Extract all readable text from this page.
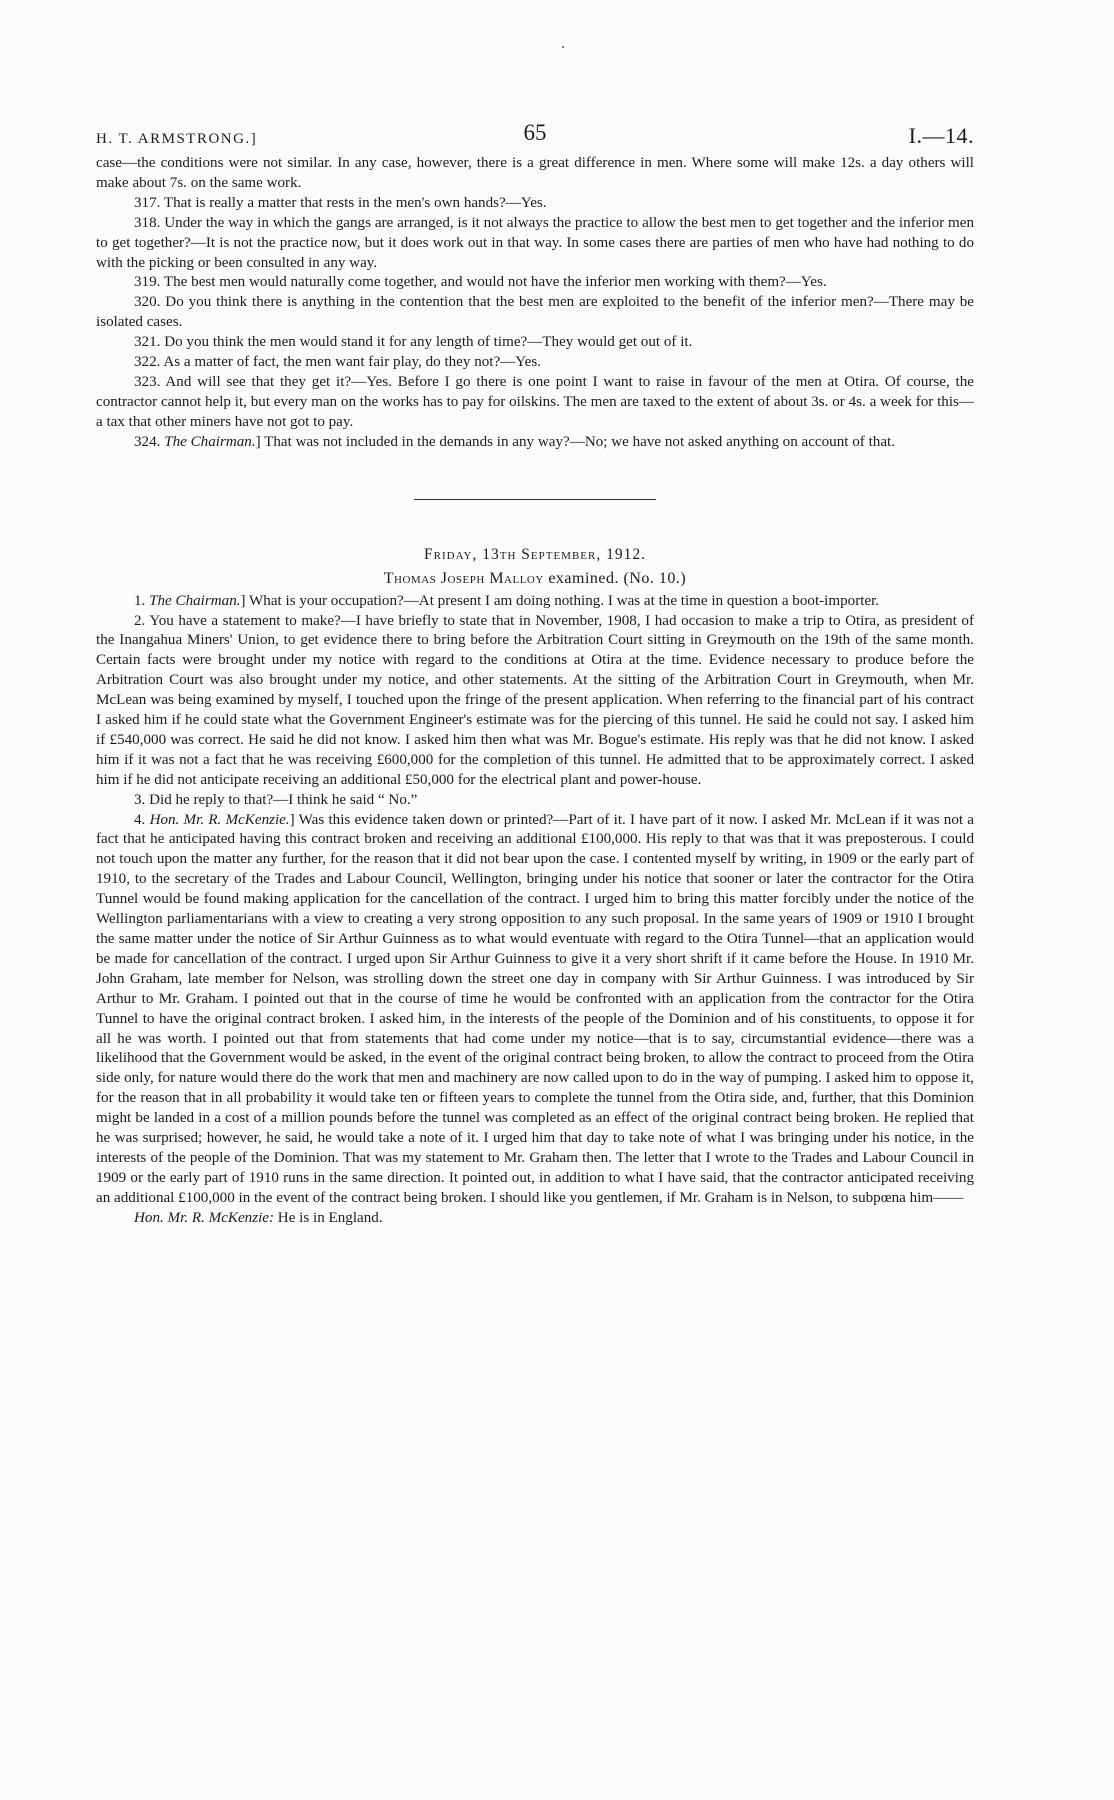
H. T. ARMSTRONG.]	65	I.—14.

case—the conditions were not similar. In any case, however, there is a great difference in men. Where some will make 12s. a day others will make about 7s. on the same work.

317. That is really a matter that rests in the men's own hands?—Yes.

318. Under the way in which the gangs are arranged, is it not always the practice to allow the best men to get together and the inferior men to get together?—It is not the practice now, but it does work out in that way. In some cases there are parties of men who have had nothing to do with the picking or been consulted in any way.

319. The best men would naturally come together, and would not have the inferior men working with them?—Yes.

320. Do you think there is anything in the contention that the best men are exploited to the benefit of the inferior men?—There may be isolated cases.

321. Do you think the men would stand it for any length of time?—They would get out of it.

322. As a matter of fact, the men want fair play, do they not?—Yes.

323. And will see that they get it?—Yes. Before I go there is one point I want to raise in favour of the men at Otira. Of course, the contractor cannot help it, but every man on the works has to pay for oilskins. The men are taxed to the extent of about 3s. or 4s. a week for this—a tax that other miners have not got to pay.

324. The Chairman.] That was not included in the demands in any way?—No; we have not asked anything on account of that.

Friday, 13th September, 1912.
Thomas Joseph Malloy examined. (No. 10.)

1. The Chairman.] What is your occupation?—At present I am doing nothing. I was at the time in question a boot-importer.

2. You have a statement to make?—I have briefly to state that in November, 1908, I had occasion to make a trip to Otira, as president of the Inangahua Miners' Union, to get evidence there to bring before the Arbitration Court sitting in Greymouth on the 19th of the same month. Certain facts were brought under my notice with regard to the conditions at Otira at the time. Evidence necessary to produce before the Arbitration Court was also brought under my notice, and other statements. At the sitting of the Arbitration Court in Greymouth, when Mr. McLean was being examined by myself, I touched upon the fringe of the present application. When referring to the financial part of his contract I asked him if he could state what the Government Engineer's estimate was for the piercing of this tunnel. He said he could not say. I asked him if £540,000 was correct. He said he did not know. I asked him then what was Mr. Bogue's estimate. His reply was that he did not know. I asked him if it was not a fact that he was receiving £600,000 for the completion of this tunnel. He admitted that to be approximately correct. I asked him if he did not anticipate receiving an additional £50,000 for the electrical plant and power-house.

3. Did he reply to that?—I think he said “ No.”

4. Hon. Mr. R. McKenzie.] Was this evidence taken down or printed?—Part of it. I have part of it now. I asked Mr. McLean if it was not a fact that he anticipated having this contract broken and receiving an additional £100,000. His reply to that was that it was preposterous. I could not touch upon the matter any further, for the reason that it did not bear upon the case. I contented myself by writing, in 1909 or the early part of 1910, to the secretary of the Trades and Labour Council, Wellington, bringing under his notice that sooner or later the contractor for the Otira Tunnel would be found making application for the cancellation of the contract. I urged him to bring this matter forcibly under the notice of the Wellington parliamentarians with a view to creating a very strong opposition to any such proposal. In the same years of 1909 or 1910 I brought the same matter under the notice of Sir Arthur Guinness as to what would eventuate with regard to the Otira Tunnel—that an application would be made for cancellation of the contract. I urged upon Sir Arthur Guinness to give it a very short shrift if it came before the House. In 1910 Mr. John Graham, late member for Nelson, was strolling down the street one day in company with Sir Arthur Guinness. I was introduced by Sir Arthur to Mr. Graham. I pointed out that in the course of time he would be confronted with an application from the contractor for the Otira Tunnel to have the original contract broken. I asked him, in the interests of the people of the Dominion and of his constituents, to oppose it for all he was worth. I pointed out that from statements that had come under my notice—that is to say, circumstantial evidence—there was a likelihood that the Government would be asked, in the event of the original contract being broken, to allow the contract to proceed from the Otira side only, for nature would there do the work that men and machinery are now called upon to do in the way of pumping. I asked him to oppose it, for the reason that in all probability it would take ten or fifteen years to complete the tunnel from the Otira side, and, further, that this Dominion might be landed in a cost of a million pounds before the tunnel was completed as an effect of the original contract being broken. He replied that he was surprised; however, he said, he would take a note of it. I urged him that day to take note of what I was bringing under his notice, in the interests of the people of the Dominion. That was my statement to Mr. Graham then. The letter that I wrote to the Trades and Labour Council in 1909 or the early part of 1910 runs in the same direction. It pointed out, in addition to what I have said, that the contractor anticipated receiving an additional £100,000 in the event of the contract being broken. I should like you gentlemen, if Mr. Graham is in Nelson, to subpœna him——

Hon. Mr. R. McKenzie: He is in England.
